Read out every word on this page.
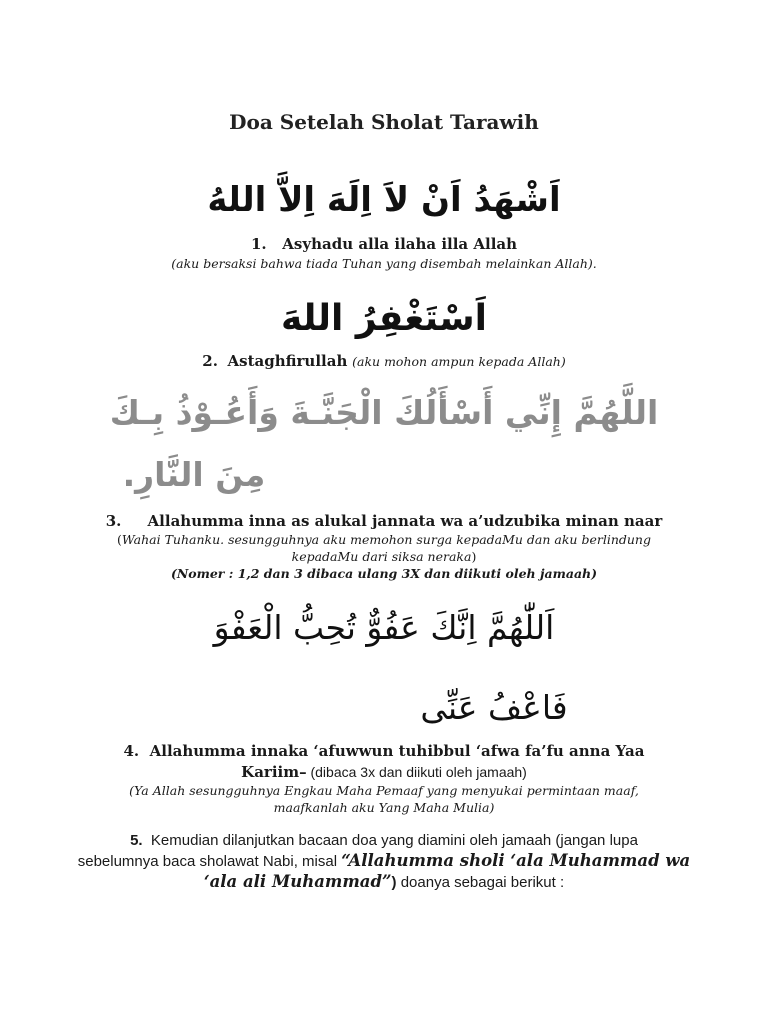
Doa Setelah Sholat Tarawih
اَشْهَدُ اَنْ لاَ اِلَهَ اِلاَّ اللهُ
1. Asyhadu alla ilaha illa Allah
(aku bersaksi bahwa tiada Tuhan yang disembah melainkan Allah).
اَسْتَغْفِرُ اللهَ
2. Astaghfirullah (aku mohon ampun kepada Allah)
اللَّهُمَّ إِنِّي أَسْأَلُكَ الْجَنَّـةَ وَأَعُـوْذُ بِـكَ
مِنَ النَّارِ.
3. Allahumma inna as alukal jannata wa a’udzubika minan naar
(Wahai Tuhanku. sesungguhnya aku memohon surga kepadaMu dan aku berlindung
kepadaMu dari siksa neraka)
(Nomer : 1,2 dan 3 dibaca ulang 3X dan diikuti oleh jamaah)
اَللّٰهُمَّ اِنَّكَ عَفُوٌّ تُحِبُّ الْعَفْوَ
فَاعْفُ عَنِّى
4. Allahumma innaka ‘afuwwun tuhibbul ‘afwa fa’fu anna Yaa
Kariim– (dibaca 3x dan diikuti oleh jamaah)
(Ya Allah sesungguhnya Engkau Maha Pemaaf yang menyukai permintaan maaf,
maafkanlah aku Yang Maha Mulia)
5. Kemudian dilanjutkan bacaan doa yang diamini oleh jamaah (jangan lupa
sebelumnya baca sholawat Nabi, misal “Allahumma sholi ‘ala Muhammad wa
‘ala ali Muhammad”) doanya sebagai berikut :
